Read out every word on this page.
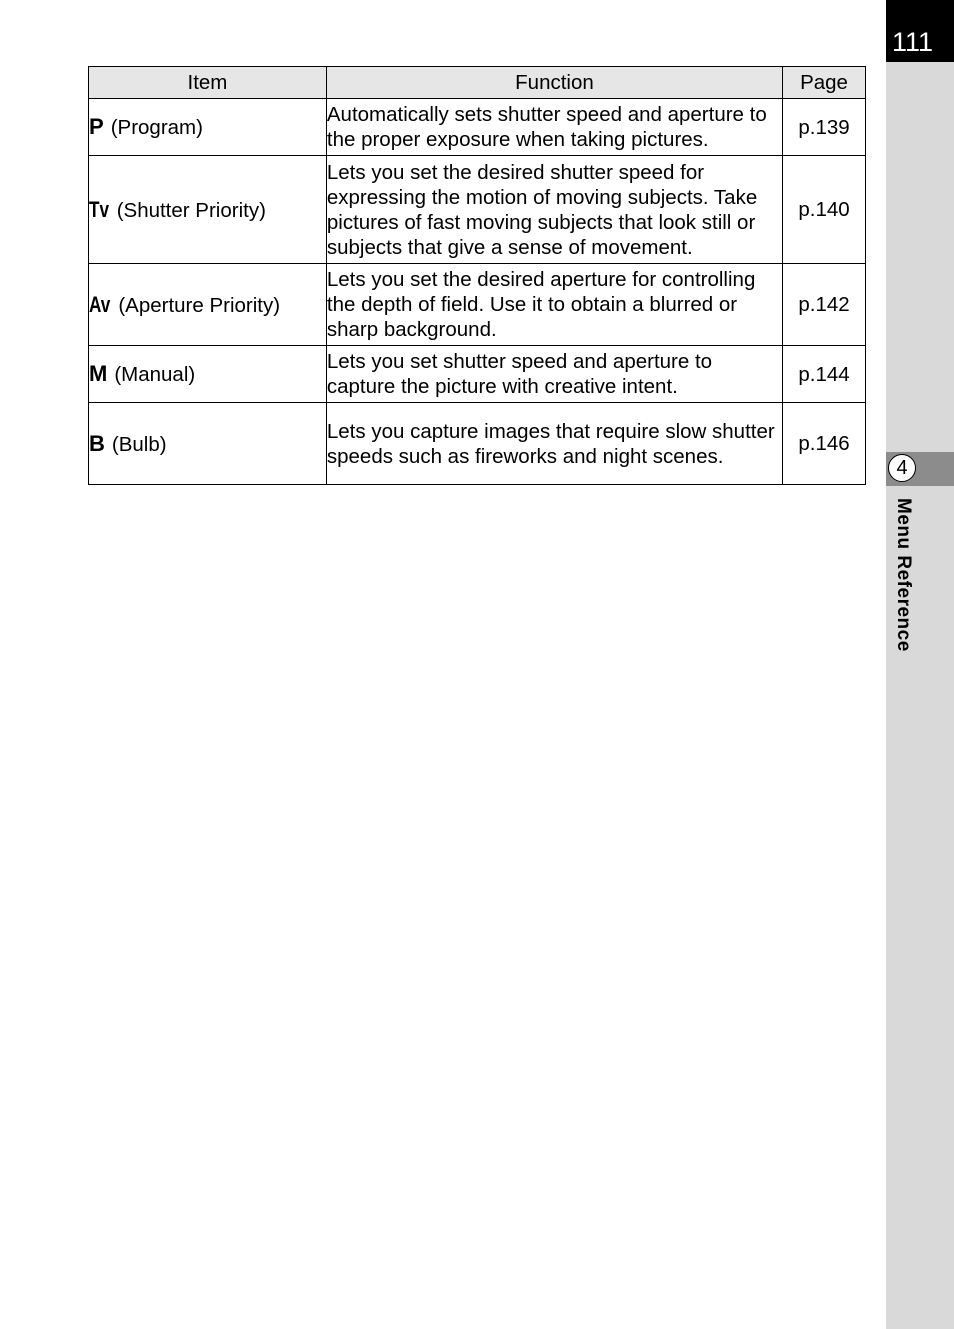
111
4
Menu Reference
Item	Function	Page
P (Program)	Automatically sets shutter speed and aperture to the proper exposure when taking pictures.	p.139
Tv (Shutter Priority)	Lets you set the desired shutter speed for expressing the motion of moving subjects. Take pictures of fast moving subjects that look still or subjects that give a sense of movement.	p.140
Av (Aperture Priority)	Lets you set the desired aperture for controlling the depth of field. Use it to obtain a blurred or sharp background.	p.142
M (Manual)	Lets you set shutter speed and aperture to capture the picture with creative intent.	p.144
B (Bulb)	Lets you capture images that require slow shutter speeds such as fireworks and night scenes.	p.146
